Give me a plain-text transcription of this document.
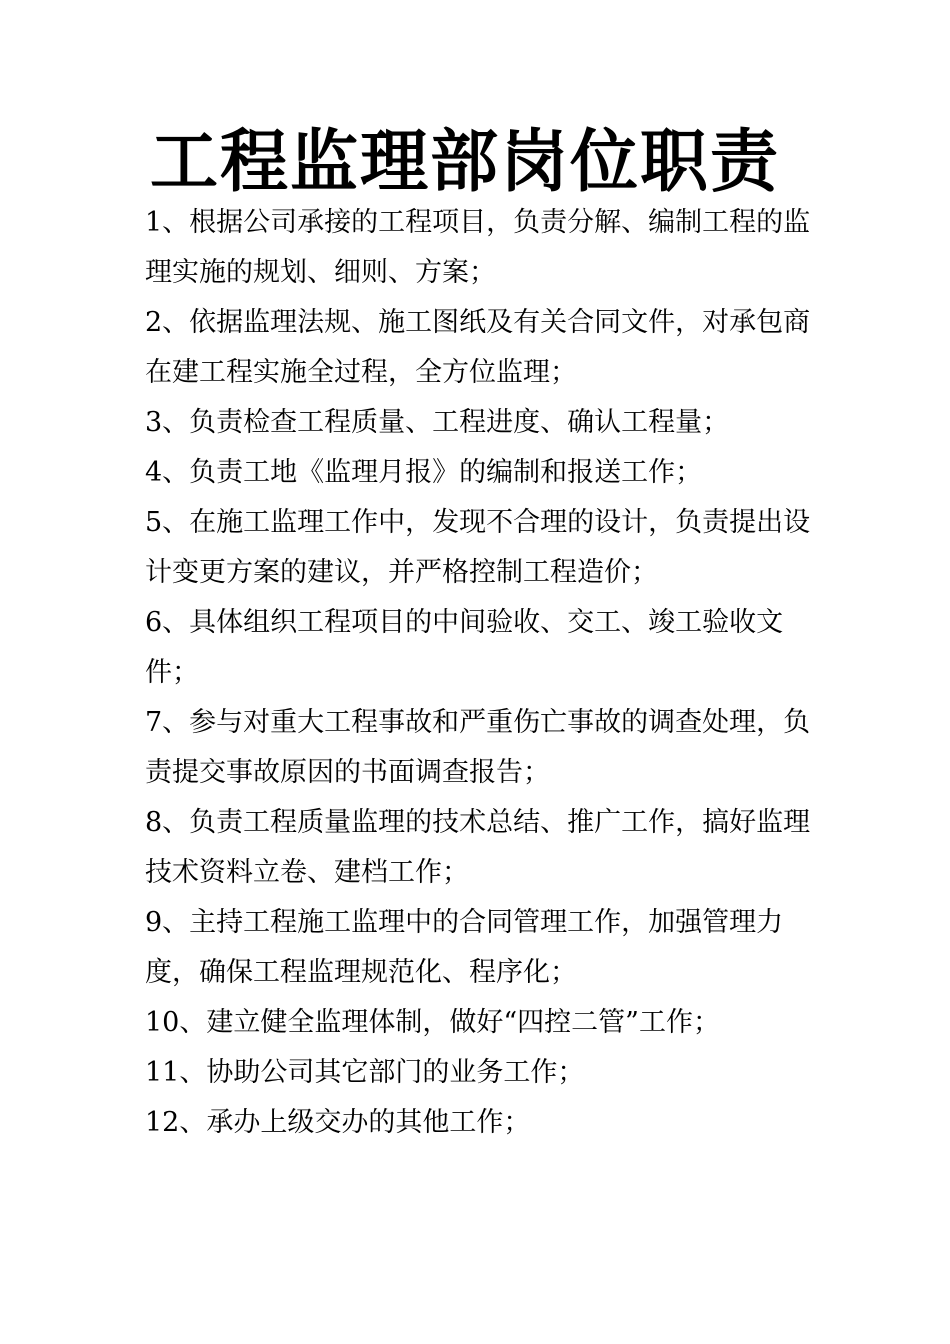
工程监理部岗位职责
1、根据公司承接的工程项目，负责分解、编制工程的监理实施的规划、细则、方案；
2、依据监理法规、施工图纸及有关合同文件，对承包商在建工程实施全过程，全方位监理；
3、负责检查工程质量、工程进度、确认工程量；
4、负责工地《监理月报》的编制和报送工作；
5、在施工监理工作中，发现不合理的设计，负责提出设计变更方案的建议，并严格控制工程造价；
6、具体组织工程项目的中间验收、交工、竣工验收文件；
7、参与对重大工程事故和严重伤亡事故的调查处理，负责提交事故原因的书面调查报告；
8、负责工程质量监理的技术总结、推广工作，搞好监理技术资料立卷、建档工作；
9、主持工程施工监理中的合同管理工作，加强管理力度，确保工程监理规范化、程序化；
10、建立健全监理体制，做好“四控二管”工作；
11、协助公司其它部门的业务工作；
12、承办上级交办的其他工作；
